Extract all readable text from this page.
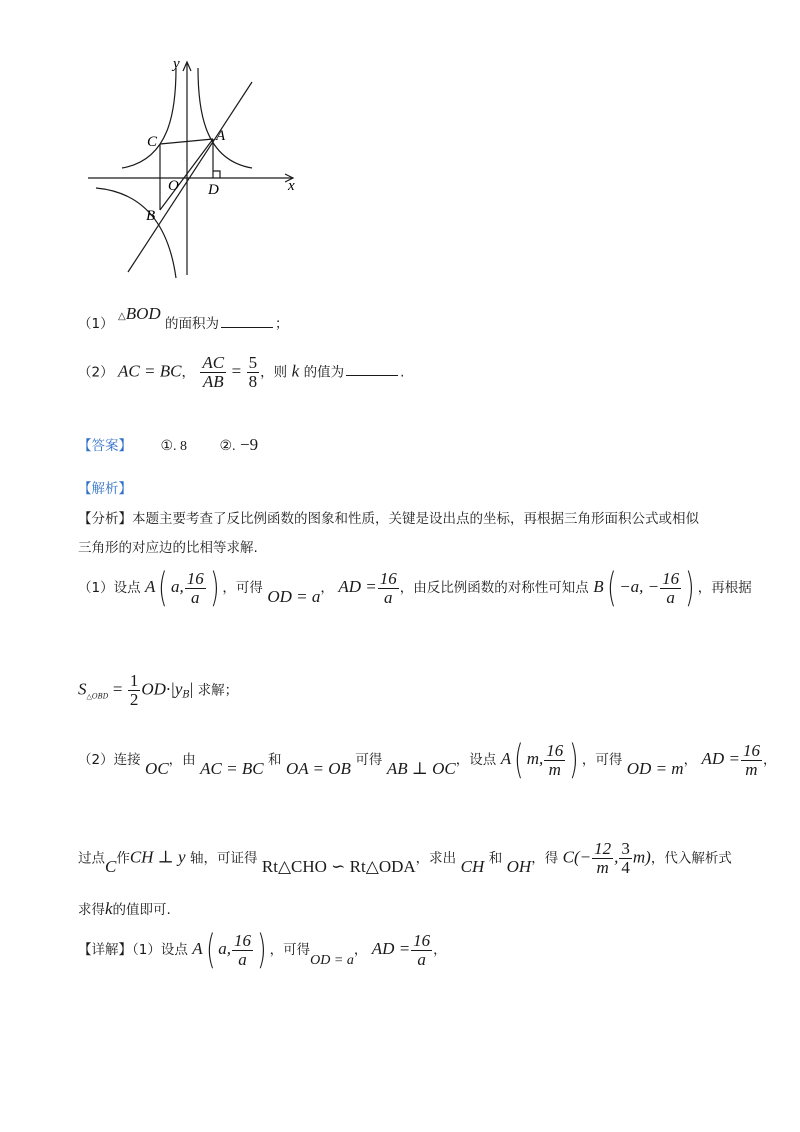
y
x
C	A
O D
B
（1） △BOD 的面积为	；
（2） AC = BC， $\frac{AC}{AB} = \frac{5}{8}$ ，则 k 的值为	.
【答案】 ①. 8 ②. −9
【解析】
【分析】本题主要考查了反比例函数的图象和性质，关键是设出点的坐标，再根据三角形面积公式或相似
三角形的对应边的比相等求解.
（1）设点 A( a, $\frac{16}{a}$ ) ，可得 OD = a， AD = $\frac{16}{a}$ ，由反比例函数的对称性可知点 B( −a, − $\frac{16}{a}$ ) ，再根据
$S_{\triangle OBD} = \frac{1}{2} OD\cdot|y_B|$ 求解；
（2）连接 OC，由 AC = BC 和 OA = OB 可得 AB ⊥ OC，设点 A( m, $\frac{16}{m}$ ) ，可得 OD = m， AD = $\frac{16}{m}$ ，
过点C作CH ⊥ y 轴，可证得 Rt△CHO ∽ Rt△ODA，求出 CH 和 OH，得 $C(- \frac{12}{m}$ , $\frac{3}{4} m$)，代入解析式
求得k的值即可.
【详解】（1）设点 A( a, $\frac{16}{a}$ ) ，可得OD = a， AD = $\frac{16}{a}$ ，
